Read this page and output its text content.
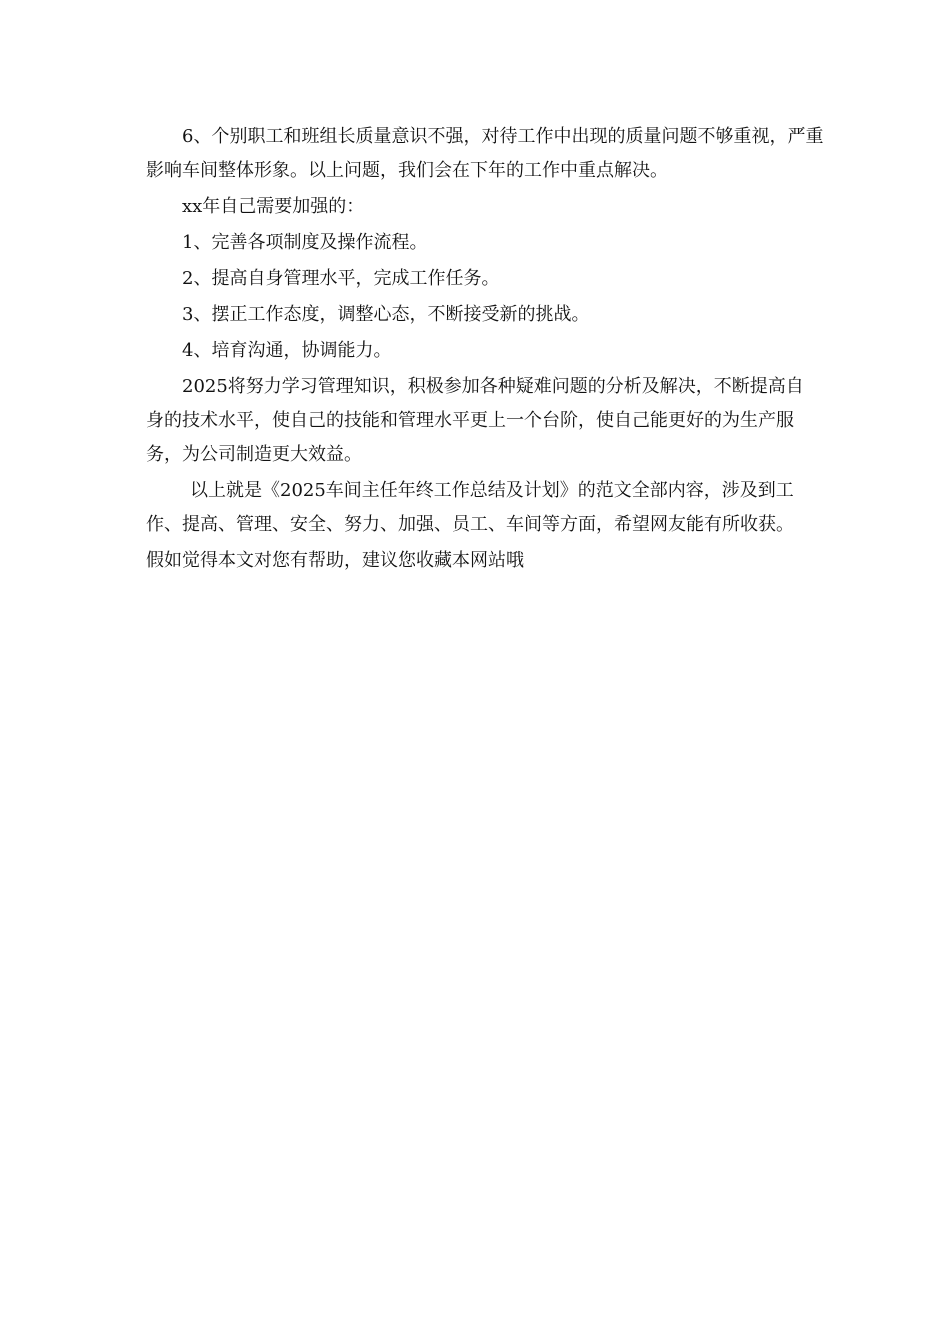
6、个别职工和班组长质量意识不强，对待工作中出现的质量问题不够重视，严重影响车间整体形象。以上问题，我们会在下年的工作中重点解决。

xx年自己需要加强的：

1、完善各项制度及操作流程。

2、提高自身管理水平，完成工作任务。

3、摆正工作态度，调整心态，不断接受新的挑战。

4、培育沟通，协调能力。

2025将努力学习管理知识，积极参加各种疑难问题的分析及解决，不断提高自身的技术水平，使自己的技能和管理水平更上一个台阶，使自己能更好的为生产服务，为公司制造更大效益。

以上就是《2025车间主任年终工作总结及计划》的范文全部内容，涉及到工作、提高、管理、安全、努力、加强、员工、车间等方面，希望网友能有所收获。

假如觉得本文对您有帮助，建议您收藏本网站哦
